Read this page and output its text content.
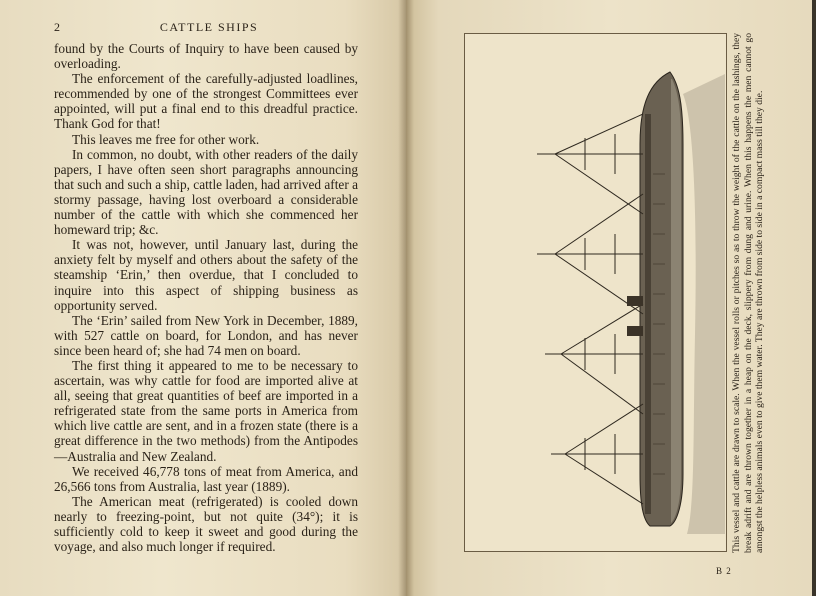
2	CATTLE SHIPS

found by the Courts of Inquiry to have been caused by overloading.

The enforcement of the carefully-adjusted loadlines, recommended by one of the strongest Committees ever appointed, will put a final end to this dreadful practice. Thank God for that!

This leaves me free for other work.

In common, no doubt, with other readers of the daily papers, I have often seen short paragraphs announcing that such and such a ship, cattle laden, had arrived after a stormy passage, having lost overboard a considerable number of the cattle with which she commenced her homeward trip; &c.

It was not, however, until January last, during the anxiety felt by myself and others about the safety of the steamship ‘Erin,’ then overdue, that I concluded to inquire into this aspect of shipping business as opportunity served.

The ‘Erin’ sailed from New York in December, 1889, with 527 cattle on board, for London, and has never since been heard of; she had 74 men on board.

The first thing it appeared to me to be necessary to ascertain, was why cattle for food are imported alive at all, seeing that great quantities of beef are imported in a refrigerated state from the same ports in America from which live cattle are sent, and in a frozen state (there is a great difference in the two methods) from the Antipodes—Australia and New Zealand.

We received 46,778 tons of meat from America, and 26,566 tons from Australia, last year (1889).

The American meat (refrigerated) is cooled down nearly to freezing-point, but not quite (34°); it is sufficiently cold to keep it sweet and good during the voyage, and also much longer if required.	This vessel and cattle are drawn to scale. When the vessel rolls or pitches so as to throw the weight of the cattle on the lashings, they break adrift and are thrown together in a heap on the deck, slippery from dung and urine. When this happens the men cannot go amongst the helpless animals even to give them water. They are thrown from side to side in a compact mass till they die.
B 2
